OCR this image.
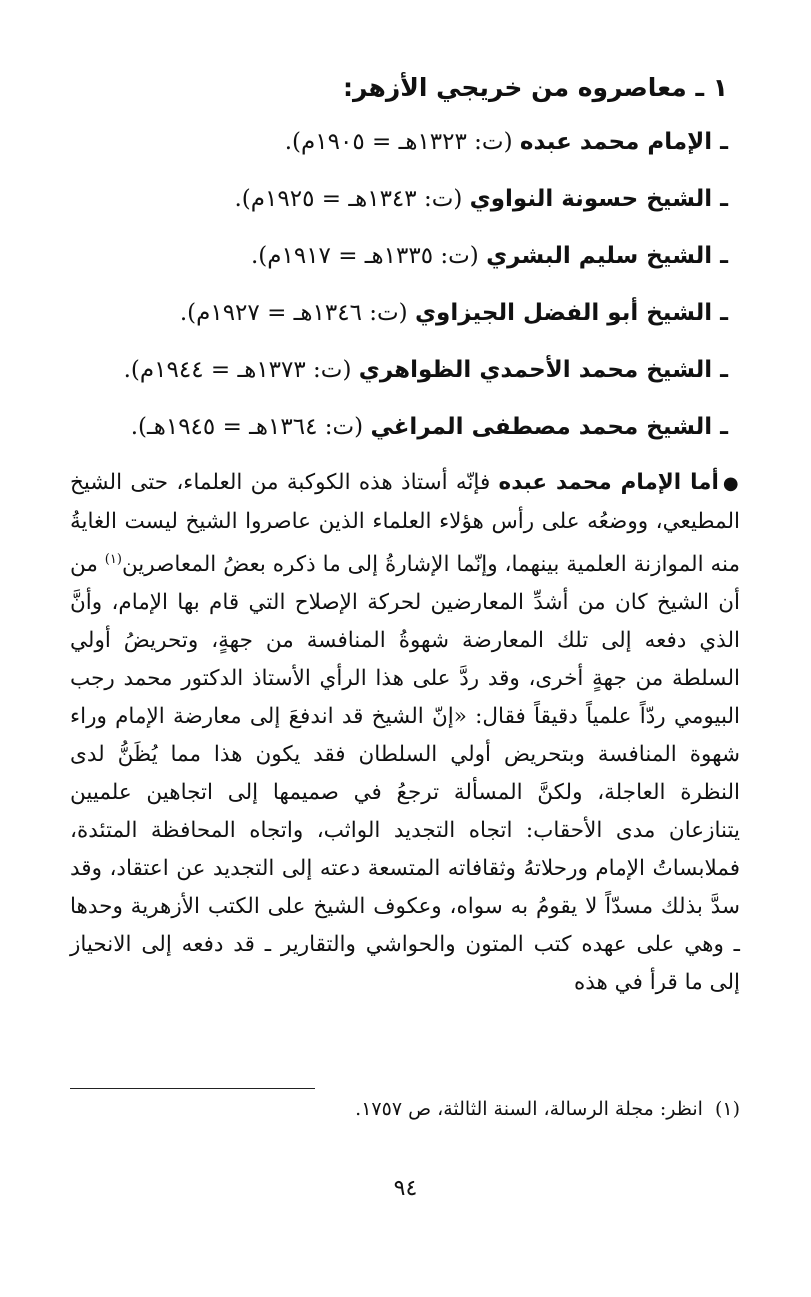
١ ـ معاصروه من خريجي الأزهر:
ـ الإمام محمد عبده (ت: ١٣٢٣هـ = ١٩٠٥م).
ـ الشيخ حسونة النواوي (ت: ١٣٤٣هـ = ١٩٢٥م).
ـ الشيخ سليم البشري (ت: ١٣٣٥هـ = ١٩١٧م).
ـ الشيخ أبو الفضل الجيزاوي (ت: ١٣٤٦هـ = ١٩٢٧م).
ـ الشيخ محمد الأحمدي الظواهري (ت: ١٣٧٣هـ = ١٩٤٤م).
ـ الشيخ محمد مصطفى المراغي (ت: ١٣٦٤هـ = ١٩٤٥هـ).

●أما الإمام محمد عبده فإنّه أستاذ هذه الكوكبة من العلماء، حتى الشيخ المطيعي، ووضعُه على رأس هؤلاء العلماء الذين عاصروا الشيخ ليست الغايةُ منه الموازنة العلمية بينهما، وإنّما الإشارةُ إلى ما ذكره بعضُ المعاصرين$^{(١)}$ من أن الشيخ كان من أشدِّ المعارضين لحركة الإصلاح التي قام بها الإمام، وأنَّ الذي دفعه إلى تلك المعارضة شهوةُ المنافسة من جهةٍ، وتحريضُ أولي السلطة من جهةٍ أخرى، وقد ردَّ على هذا الرأي الأستاذ الدكتور محمد رجب البيومي ردّاً علمياً دقيقاً فقال: «إنّ الشيخ قد اندفعَ إلى معارضة الإمام وراء شهوة المنافسة وبتحريض أولي السلطان فقد يكون هذا مما يُظَنُّ لدى النظرة العاجلة، ولكنَّ المسألة ترجعُ في صميمها إلى اتجاهين علميين يتنازعان مدى الأحقاب: اتجاه التجديد الواثب، واتجاه المحافظة المتئدة، فملابساتُ الإمام ورحلاتهُ وثقافاته المتسعة دعته إلى التجديد عن اعتقاد، وقد سدَّ بذلك مسدّاً لا يقومُ به سواه، وعكوف الشيخ على الكتب الأزهرية وحدها ـ وهي على عهده كتب المتون والحواشي والتقارير ـ قد دفعه إلى الانحياز إلى ما قرأ في هذه

(١)انظر: مجلة الرسالة، السنة الثالثة، ص ١٧٥٧.
٩٤
